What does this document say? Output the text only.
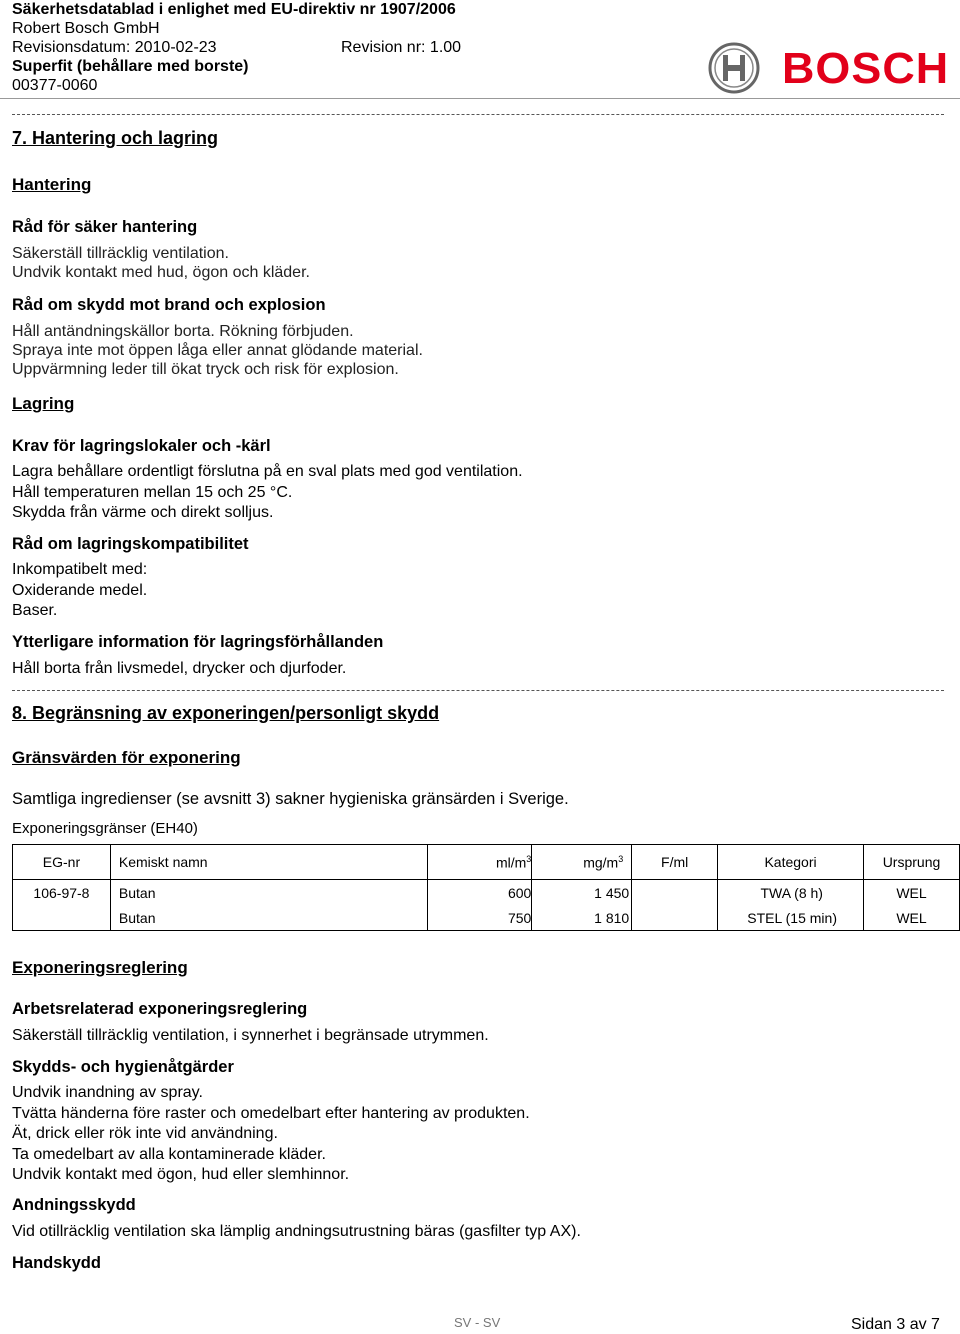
Säkerhetsdatablad i enlighet med EU-direktiv nr 1907/2006
Robert Bosch GmbH
Revisionsdatum: 2010-02-23	Revision nr: 1.00
Superfit (behållare med borste)
00377-0060	BOSCH
7. Hantering och lagring
Hantering
Råd för säker hantering
Säkerställ tillräcklig ventilation.
Undvik kontakt med hud, ögon och kläder.
Råd om skydd mot brand och explosion
Håll antändningskällor borta. Rökning förbjuden.
Spraya inte mot öppen låga eller annat glödande material.
Uppvärmning leder till ökat tryck och risk för explosion.
Lagring
Krav för lagringslokaler och -kärl
Lagra behållare ordentligt förslutna på en sval plats med god ventilation.
Håll temperaturen mellan 15 och 25 °C.
Skydda från värme och direkt solljus.
Råd om lagringskompatibilitet
Inkompatibelt med:
Oxiderande medel.
Baser.
Ytterligare information för lagringsförhållanden
Håll borta från livsmedel, drycker och djurfoder.
8. Begränsning av exponeringen/personligt skydd
Gränsvärden för exponering
Samtliga ingredienser (se avsnitt 3) sakner hygieniska gränsärden i Sverige.
Exponeringsgränser (EH40)
EG-nr	Kemiskt namn	$ml/m^3$	$mg/m^3$	F/ml	Kategori	Ursprung
106-97-8	Butan	600	1 450		TWA (8 h)	WEL
	Butan	750	1 810		STEL (15 min)	WEL
Exponeringsreglering
Arbetsrelaterad exponeringsreglering
Säkerställ tillräcklig ventilation, i synnerhet i begränsade utrymmen.
Skydds- och hygienåtgärder
Undvik inandning av spray.
Tvätta händerna före raster och omedelbart efter hantering av produkten.
Ät, drick eller rök inte vid användning.
Ta omedelbart av alla kontaminerade kläder.
Undvik kontakt med ögon, hud eller slemhinnor.
Andningsskydd
Vid otillräcklig ventilation ska lämplig andningsutrustning bäras (gasfilter typ AX).
Handskydd
SV - SV	Sidan 3 av 7
